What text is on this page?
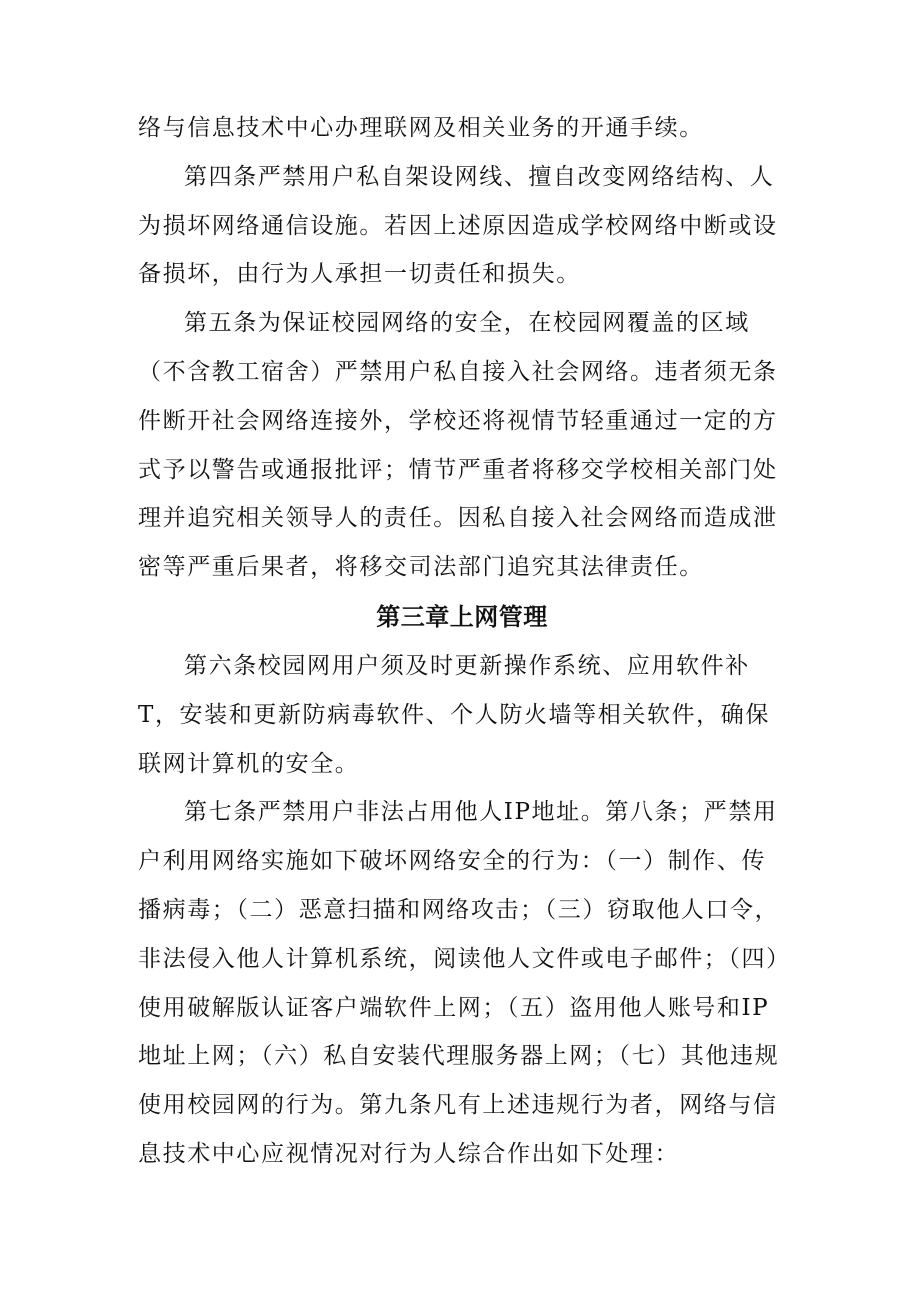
络与信息技术中心办理联网及相关业务的开通手续。

第四条严禁用户私自架设网线、擅自改变网络结构、人为损坏网络通信设施。若因上述原因造成学校网络中断或设备损坏，由行为人承担一切责任和损失。

第五条为保证校园网络的安全，在校园网覆盖的区域（不含教工宿舍）严禁用户私自接入社会网络。违者须无条件断开社会网络连接外，学校还将视情节轻重通过一定的方式予以警告或通报批评；情节严重者将移交学校相关部门处理并追究相关领导人的责任。因私自接入社会网络而造成泄密等严重后果者，将移交司法部门追究其法律责任。

第三章上网管理

第六条校园网用户须及时更新操作系统、应用软件补T，安装和更新防病毒软件、个人防火墙等相关软件，确保联网计算机的安全。

第七条严禁用户非法占用他人IP地址。第八条；严禁用户利用网络实施如下破坏网络安全的行为：（一）制作、传播病毒；（二）恶意扫描和网络攻击；（三）窃取他人口令，非法侵入他人计算机系统，阅读他人文件或电子邮件；（四）使用破解版认证客户端软件上网；（五）盗用他人账号和IP地址上网；（六）私自安装代理服务器上网；（七）其他违规使用校园网的行为。第九条凡有上述违规行为者，网络与信息技术中心应视情况对行为人综合作出如下处理：
